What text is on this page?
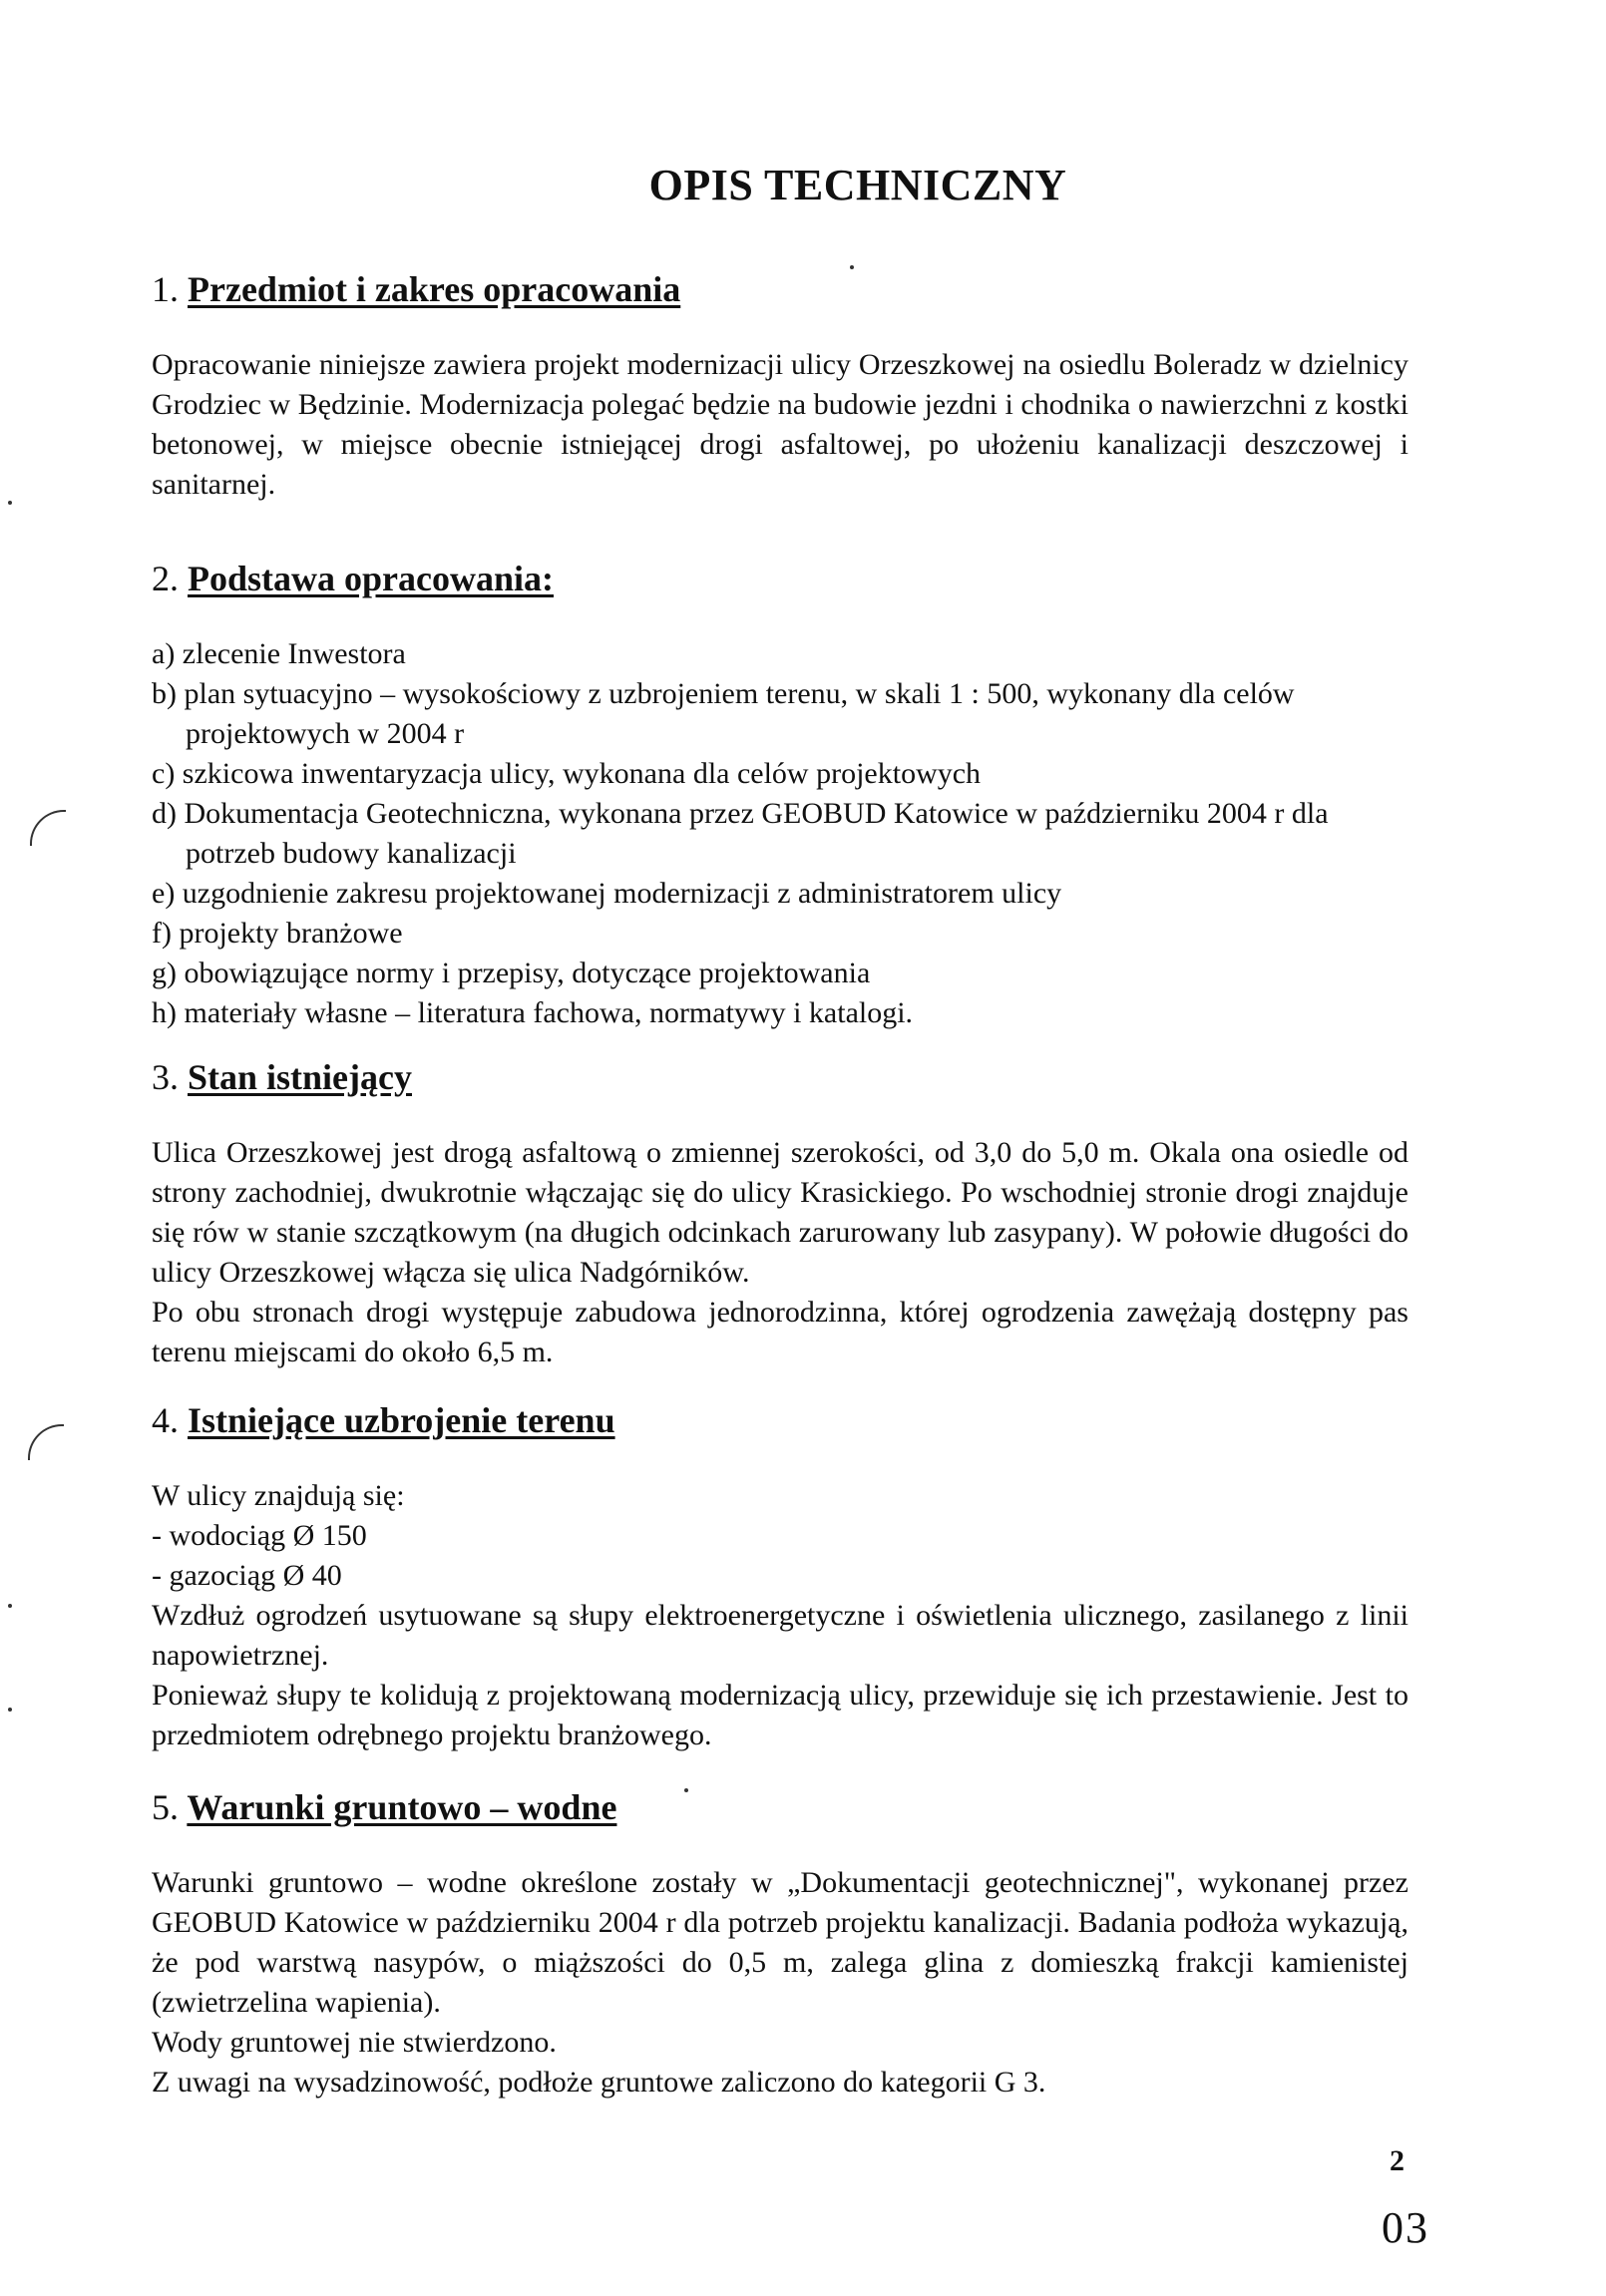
OPIS TECHNICZNY
1. Przedmiot i zakres opracowania

Opracowanie niniejsze zawiera projekt modernizacji ulicy Orzeszkowej na osiedlu Boleradz w dzielnicy Grodziec w Będzinie. Modernizacja polegać będzie na budowie jezdni i chodnika o nawierzchni z kostki betonowej, w miejsce obecnie istniejącej drogi asfaltowej, po ułożeniu kanalizacji deszczowej i sanitarnej.

2. Podstawa opracowania:
a) zlecenie Inwestora
b) plan sytuacyjno – wysokościowy z uzbrojeniem terenu, w skali 1 : 500, wykonany dla celów projektowych w 2004 r
c) szkicowa inwentaryzacja ulicy, wykonana dla celów projektowych
d) Dokumentacja Geotechniczna, wykonana przez GEOBUD Katowice w październiku 2004 r dla potrzeb budowy kanalizacji
e) uzgodnienie zakresu projektowanej modernizacji z administratorem ulicy
f) projekty branżowe
g) obowiązujące normy i przepisy, dotyczące projektowania
h) materiały własne – literatura fachowa, normatywy i katalogi.
3. Stan istniejący

Ulica Orzeszkowej jest drogą asfaltową o zmiennej szerokości, od 3,0 do 5,0 m. Okala ona osiedle od strony zachodniej, dwukrotnie włączając się do ulicy Krasickiego. Po wschodniej stronie drogi znajduje się rów w stanie szczątkowym (na długich odcinkach zarurowany lub zasypany). W połowie długości do ulicy Orzeszkowej włącza się ulica Nadgórników.

Po obu stronach drogi występuje zabudowa jednorodzinna, której ogrodzenia zawężają dostępny pas terenu miejscami do około 6,5 m.

4. Istniejące uzbrojenie terenu
W ulicy znajdują się:
- wodociąg Ø 150
- gazociąg Ø 40

Wzdłuż ogrodzeń usytuowane są słupy elektroenergetyczne i oświetlenia ulicznego, zasilanego z linii napowietrznej.

Ponieważ słupy te kolidują z projektowaną modernizacją ulicy, przewiduje się ich przestawienie. Jest to przedmiotem odrębnego projektu branżowego.

5. Warunki gruntowo – wodne

Warunki gruntowo – wodne określone zostały w „Dokumentacji geotechnicznej", wykonanej przez GEOBUD Katowice w październiku 2004 r dla potrzeb projektu kanalizacji. Badania podłoża wykazują, że pod warstwą nasypów, o miąższości do 0,5 m, zalega glina z domieszką frakcji kamienistej (zwietrzelina wapienia).

Wody gruntowej nie stwierdzono.
Z uwagi na wysadzinowość, podłoże gruntowe zaliczono do kategorii G 3.
2
03
